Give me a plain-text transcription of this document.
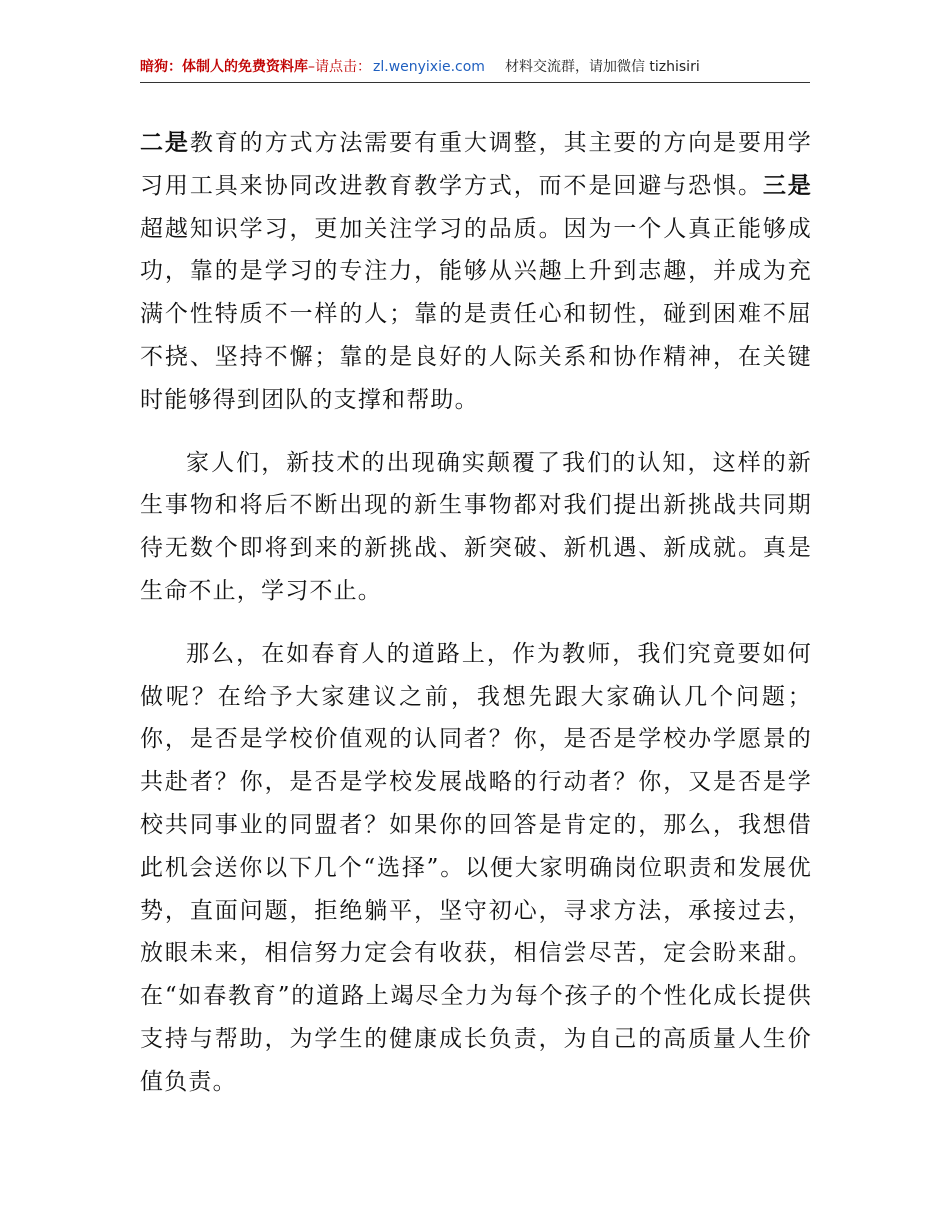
暗狗：体制人的免费资料库–请点击： zl.wenyixie.com 材料交流群，请加微信 tizhisiri

二是教育的方式方法需要有重大调整，其主要的方向是要用学习用工具来协同改进教育教学方式，而不是回避与恐惧。三是超越知识学习，更加关注学习的品质。因为一个人真正能够成功，靠的是学习的专注力，能够从兴趣上升到志趣，并成为充满个性特质不一样的人；靠的是责任心和韧性，碰到困难不屈不挠、坚持不懈；靠的是良好的人际关系和协作精神，在关键时能够得到团队的支撑和帮助。

家人们，新技术的出现确实颠覆了我们的认知，这样的新生事物和将后不断出现的新生事物都对我们提出新挑战共同期待无数个即将到来的新挑战、新突破、新机遇、新成就。真是生命不止，学习不止。

那么，在如春育人的道路上，作为教师，我们究竟要如何做呢？在给予大家建议之前，我想先跟大家确认几个问题；你，是否是学校价值观的认同者？你，是否是学校办学愿景的共赴者？你，是否是学校发展战略的行动者？你，又是否是学校共同事业的同盟者？如果你的回答是肯定的，那么，我想借此机会送你以下几个“选择”。以便大家明确岗位职责和发展优势，直面问题，拒绝躺平，坚守初心，寻求方法，承接过去，放眼未来，相信努力定会有收获，相信尝尽苦，定会盼来甜。在“如春教育”的道路上竭尽全力为每个孩子的个性化成长提供支持与帮助，为学生的健康成长负责，为自己的高质量人生价值负责。
